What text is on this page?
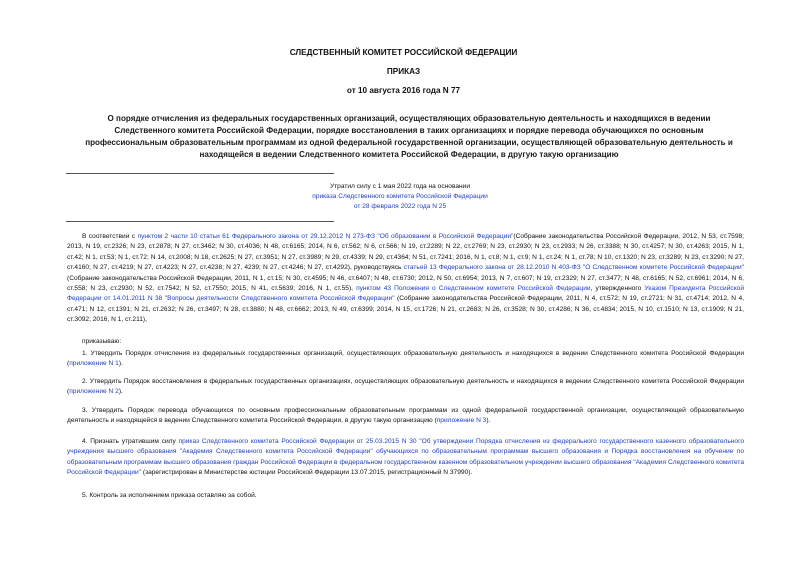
СЛЕДСТВЕННЫЙ КОМИТЕТ РОССИЙСКОЙ ФЕДЕРАЦИИ
ПРИКАЗ
от 10 августа 2016 года N 77
О порядке отчисления из федеральных государственных организаций, осуществляющих образовательную деятельность и находящихся в ведении Следственного комитета Российской Федерации, порядке восстановления в таких организациях и порядке перевода обучающихся по основным профессиональным образовательным программам из одной федеральной государственной организации, осуществляющей образовательную деятельность и находящейся в ведении Следственного комитета Российской Федерации, в другую такую организацию
Утратил силу с 1 мая 2022 года на основании
приказа Следственного комитета Российской Федерации
от 28 февраля 2022 года N 25
В соответствии с пунктом 2 части 10 статьи 61 Федерального закона от 29.12.2012 N 273-ФЗ "Об образовании в Российской Федерации"(Собрание законодательства Российской Федерации, 2012, N 53, ст.7598; 2013, N 19, ст.2326; N 23, ст.2878; N 27, ст.3462; N 30, ст.4036; N 48, ст.6165; 2014, N 6, ст.562; N 6, ст.566; N 19, ст.2289; N 22, ст.2769; N 23, ст.2930; N 23, ст.2933; N 26, ст.3388; N 30, ст.4257; N 30, ст.4263; 2015, N 1, ст.42; N 1, ст.53; N 1, ст.72; N 14, ст.2008; N 18, ст.2625; N 27, ст.3951; N 27, ст.3989; N 29, ст.4339; N 29, ст.4364; N 51, ст.7241; 2016, N 1, ст.8; N 1, ст.9; N 1, ст.24; N 1, ст.78; N 10, ст.1320; N 23, ст.3289; N 23, ст.3290; N 27, ст.4160; N 27, ст.4219; N 27, ст.4223; N 27, ст.4238; N 27, 4239; N 27, ст.4246; N 27, ст.4292), руководствуясь статьей 13 Федерального закона от 28.12.2010 N 403-ФЗ "О Следственном комитете Российской Федерации" (Собрание законодательства Российской Федерации, 2011, N 1, ст.15; N 30, ст.4595; N 46, ст.6407; N 48, ст.6730; 2012, N 50, ст.6954; 2013, N 7, ст.607; N 19, ст.2329; N 27, ст.3477; N 48, ст.6165; N 52, ст.6961; 2014, N 6, ст.558; N 23, ст.2930; N 52, ст.7542; N 52, ст.7550; 2015, N 41, ст.5639; 2016, N 1, ст.55), пунктом 43 Положения о Следственном комитете Российской Федерации, утвержденного Указом Президента Российской Федерации от 14.01.2011 N 38 "Вопросы деятельности Следственного комитета Российской Федерации" (Собрание законодательства Российской Федерации, 2011, N 4, ст.572; N 19, ст.2721; N 31, ст.4714; 2012, N 4, ст.471; N 12, ст.1391; N 21, ст.2632; N 26, ст.3497; N 28, ст.3880; N 48, ст.6662; 2013, N 49, ст.6399; 2014, N 15, ст.1726; N 21, ст.2683; N 26, ст.3528; N 30, ст.4286; N 36, ст.4834; 2015, N 10, ст.1510; N 13, ст.1909; N 21, ст.3092; 2016, N 1, ст.211),
приказываю:
1. Утвердить Порядок отчисления из федеральных государственных организаций, осуществляющих образовательную деятельность и находящихся в ведении Следственного комитета Российской Федерации (приложение N 1).
2. Утвердить Порядок восстановления в федеральных государственных организациях, осуществляющих образовательную деятельность и находящихся в ведении Следственного комитета Российской Федерации (приложение N 2).
3. Утвердить Порядок перевода обучающихся по основным профессиональным образовательным программам из одной федеральной государственной организации, осуществляющей образовательную деятельность и находящейся в ведении Следственного комитета Российской Федерации, в другую такую организацию (приложение N 3).
4. Признать утратившим силу приказ Следственного комитета Российской Федерации от 25.03.2015 N 30 "Об утверждении Порядка отчисления из федерального государственного казенного образовательного учреждения высшего образования "Академия Следственного комитета Российской Федерации" обучающихся по образовательным программам высшего образования и Порядка восстановления на обучение по образовательным программам высшего образования граждан Российской Федерации в федеральном государственном казенном образовательном учреждении высшего образования "Академия Следственного комитета Российской Федерации" (зарегистрирован в Министерстве юстиции Российской Федерации 13.07.2015, регистрационный N 37990).
5. Контроль за исполнением приказа оставляю за собой.
